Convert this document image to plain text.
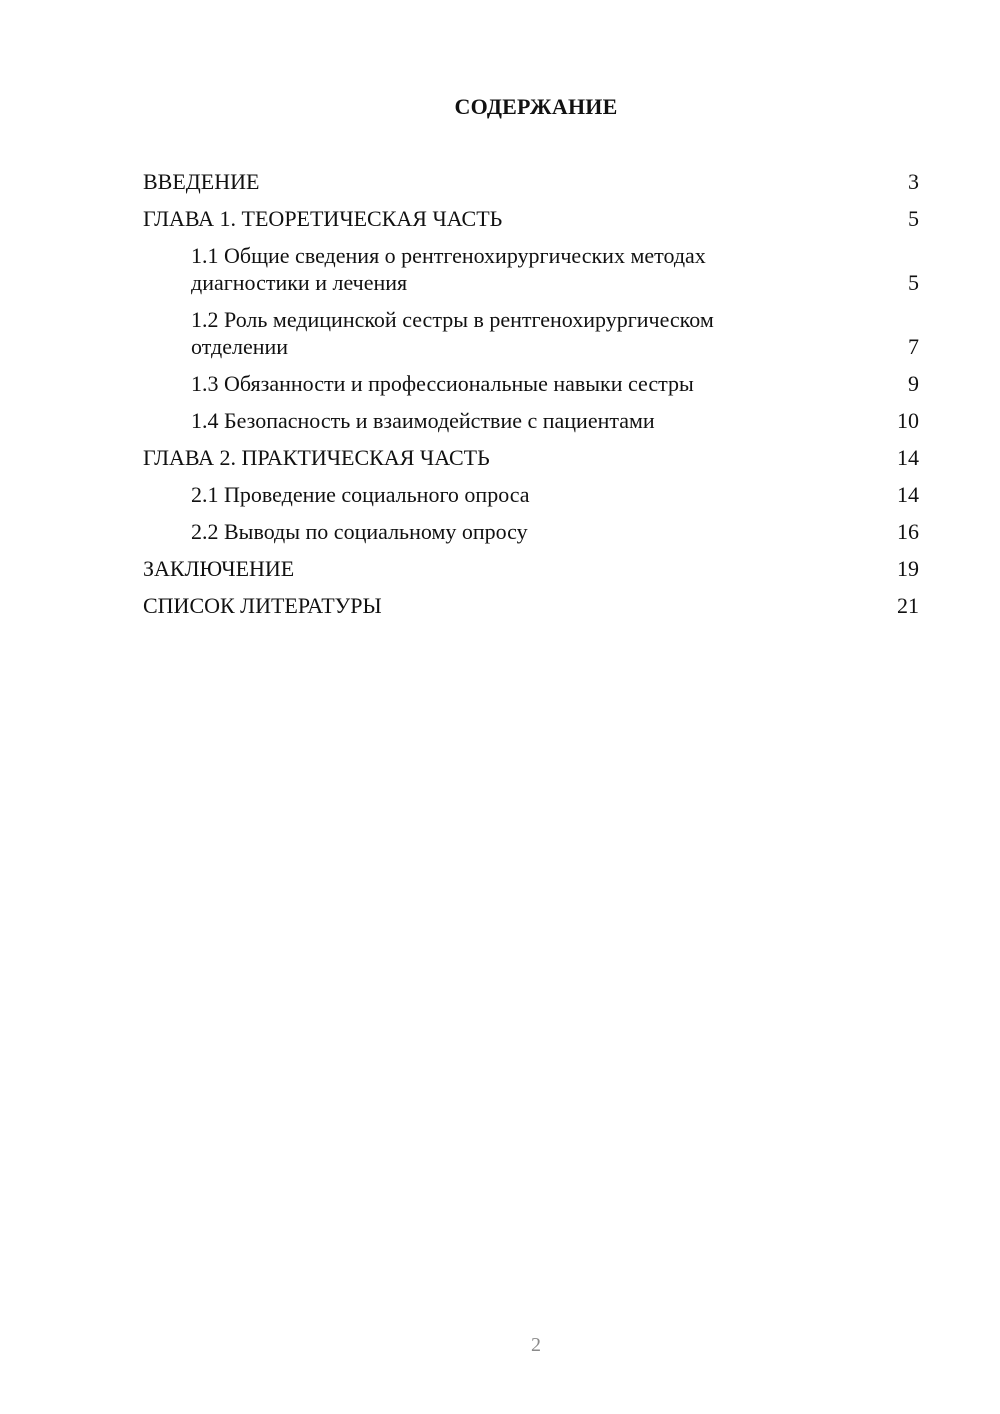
СОДЕРЖАНИЕ
ВВЕДЕНИЕ	3
ГЛАВА 1. ТЕОРЕТИЧЕСКАЯ ЧАСТЬ	5
1.1 Общие сведения о рентгенохирургических методах диагностики и лечения	5
1.2 Роль медицинской сестры в рентгенохирургическом отделении	7
1.3 Обязанности и профессиональные навыки сестры	9
1.4 Безопасность и взаимодействие с пациентами	10
ГЛАВА 2. ПРАКТИЧЕСКАЯ ЧАСТЬ	14
2.1 Проведение социального опроса	14
2.2 Выводы по социальному опросу	16
ЗАКЛЮЧЕНИЕ	19
СПИСОК ЛИТЕРАТУРЫ	21
2
